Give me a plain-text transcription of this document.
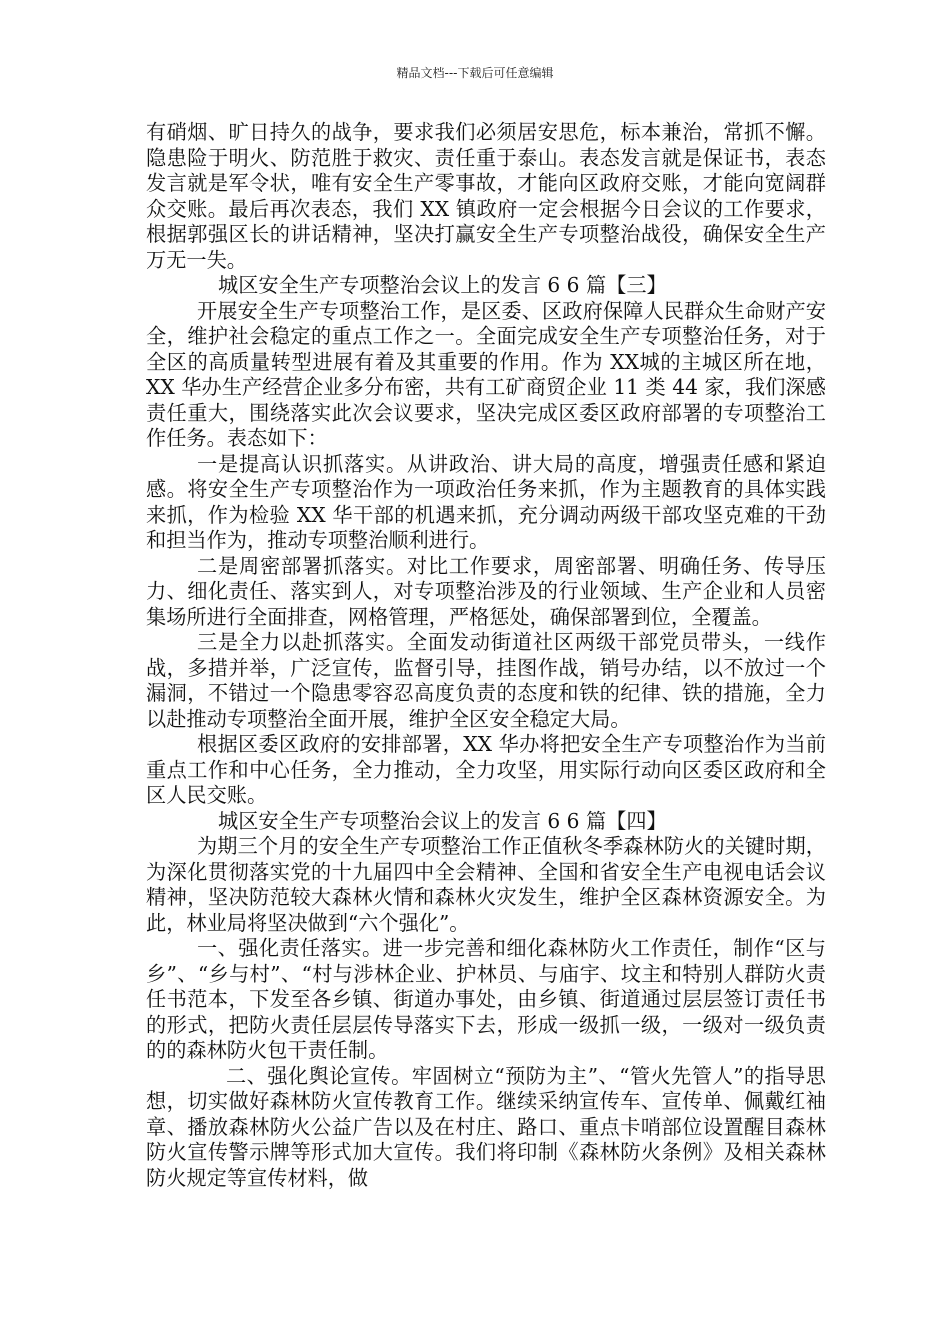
精品文档---下载后可任意编辑

有硝烟、旷日持久的战争，要求我们必须居安思危，标本兼治，常抓不懈。隐患险于明火、防范胜于救灾、责任重于泰山。表态发言就是保证书，表态发言就是军令状，唯有安全生产零事故，才能向区政府交账，才能向宽阔群众交账。最后再次表态，我们 XX 镇政府一定会根据今日会议的工作要求，根据郭强区长的讲话精神，坚决打赢安全生产专项整治战役，确保安全生产万无一失。

城区安全生产专项整治会议上的发言 6 6 篇【三】

开展安全生产专项整治工作，是区委、区政府保障人民群众生命财产安全，维护社会稳定的重点工作之一。全面完成安全生产专项整治任务，对于全区的高质量转型进展有着及其重要的作用。作为 XX城的主城区所在地，XX 华办生产经营企业多分布密，共有工矿商贸企业 11 类 44 家，我们深感责任重大，围绕落实此次会议要求，坚决完成区委区政府部署的专项整治工作任务。表态如下：

一是提高认识抓落实。从讲政治、讲大局的高度，增强责任感和紧迫感。将安全生产专项整治作为一项政治任务来抓，作为主题教育的具体实践来抓，作为检验 XX 华干部的机遇来抓，充分调动两级干部攻坚克难的干劲和担当作为，推动专项整治顺利进行。

二是周密部署抓落实。对比工作要求，周密部署、明确任务、传导压力、细化责任、落实到人，对专项整治涉及的行业领域、生产企业和人员密集场所进行全面排查，网格管理，严格惩处，确保部署到位，全覆盖。

三是全力以赴抓落实。全面发动街道社区两级干部党员带头，一线作战，多措并举，广泛宣传，监督引导，挂图作战，销号办结，以不放过一个漏洞，不错过一个隐患零容忍高度负责的态度和铁的纪律、铁的措施，全力以赴推动专项整治全面开展，维护全区安全稳定大局。

根据区委区政府的安排部署，XX 华办将把安全生产专项整治作为当前重点工作和中心任务，全力推动，全力攻坚，用实际行动向区委区政府和全区人民交账。

城区安全生产专项整治会议上的发言 6 6 篇【四】

为期三个月的安全生产专项整治工作正值秋冬季森林防火的关键时期，为深化贯彻落实党的十九届四中全会精神、全国和省安全生产电视电话会议精神，坚决防范较大森林火情和森林火灾发生，维护全区森林资源安全。为此，林业局将坚决做到“六个强化”。

一、强化责任落实。进一步完善和细化森林防火工作责任，制作“区与乡”、“乡与村”、“村与涉林企业、护林员、与庙宇、坟主和特别人群防火责任书范本，下发至各乡镇、街道办事处，由乡镇、街道通过层层签订责任书的形式，把防火责任层层传导落实下去，形成一级抓一级，一级对一级负责的的森林防火包干责任制。

二、强化舆论宣传。牢固树立“预防为主”、“管火先管人”的指导思想，切实做好森林防火宣传教育工作。继续采纳宣传车、宣传单、佩戴红袖章、播放森林防火公益广告以及在村庄、路口、重点卡哨部位设置醒目森林防火宣传警示牌等形式加大宣传。我们将印制《森林防火条例》及相关森林防火规定等宣传材料，做
